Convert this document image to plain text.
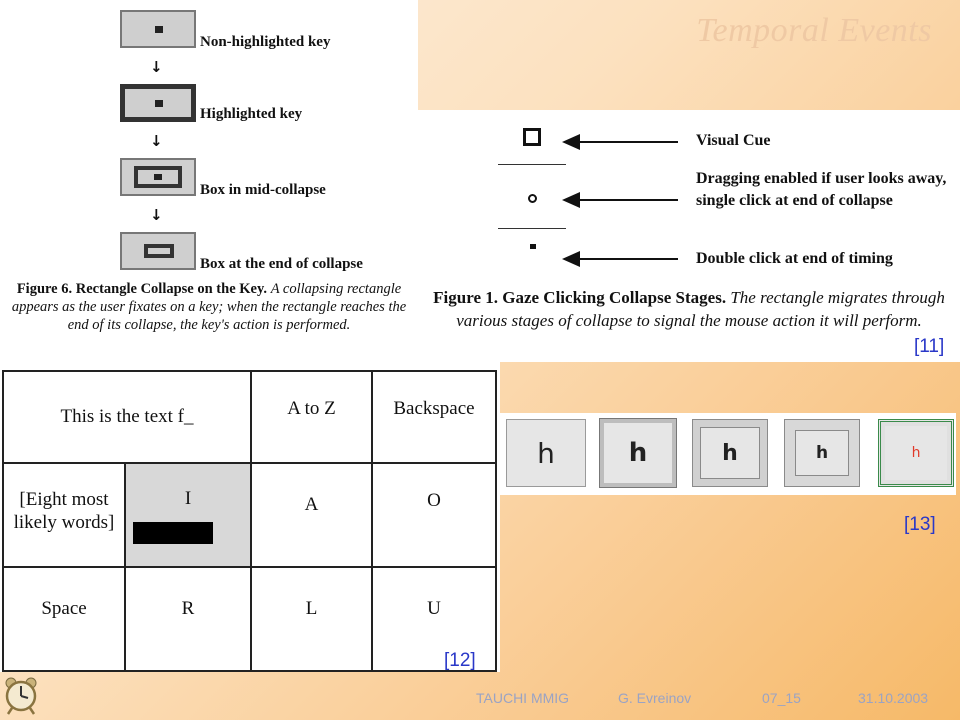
Temporal Events
Non-highlighted key
↓
Highlighted key
↓
Box in mid-collapse
↓
Box at the end of collapse
Figure 6. Rectangle Collapse on the Key. A collapsing rectangle appears as the user fixates on a key; when the rectangle reaches the end of its collapse, the key's action is performed.
Visual Cue
Dragging enabled if user looks away, single click at end of collapse
Double click at end of timing
Figure 1. Gaze Clicking Collapse Stages. The rectangle migrates through various stages of collapse to signal the mouse action it will perform.
[11]
This is the text f_		A to Z	Backspace
[Eight most likely words]	I	A	O
Space	R	L	U
[12]
h	h	h	h	h
[13]
TAUCHI MMIG	G. Evreinov	07_15	31.10.2003
